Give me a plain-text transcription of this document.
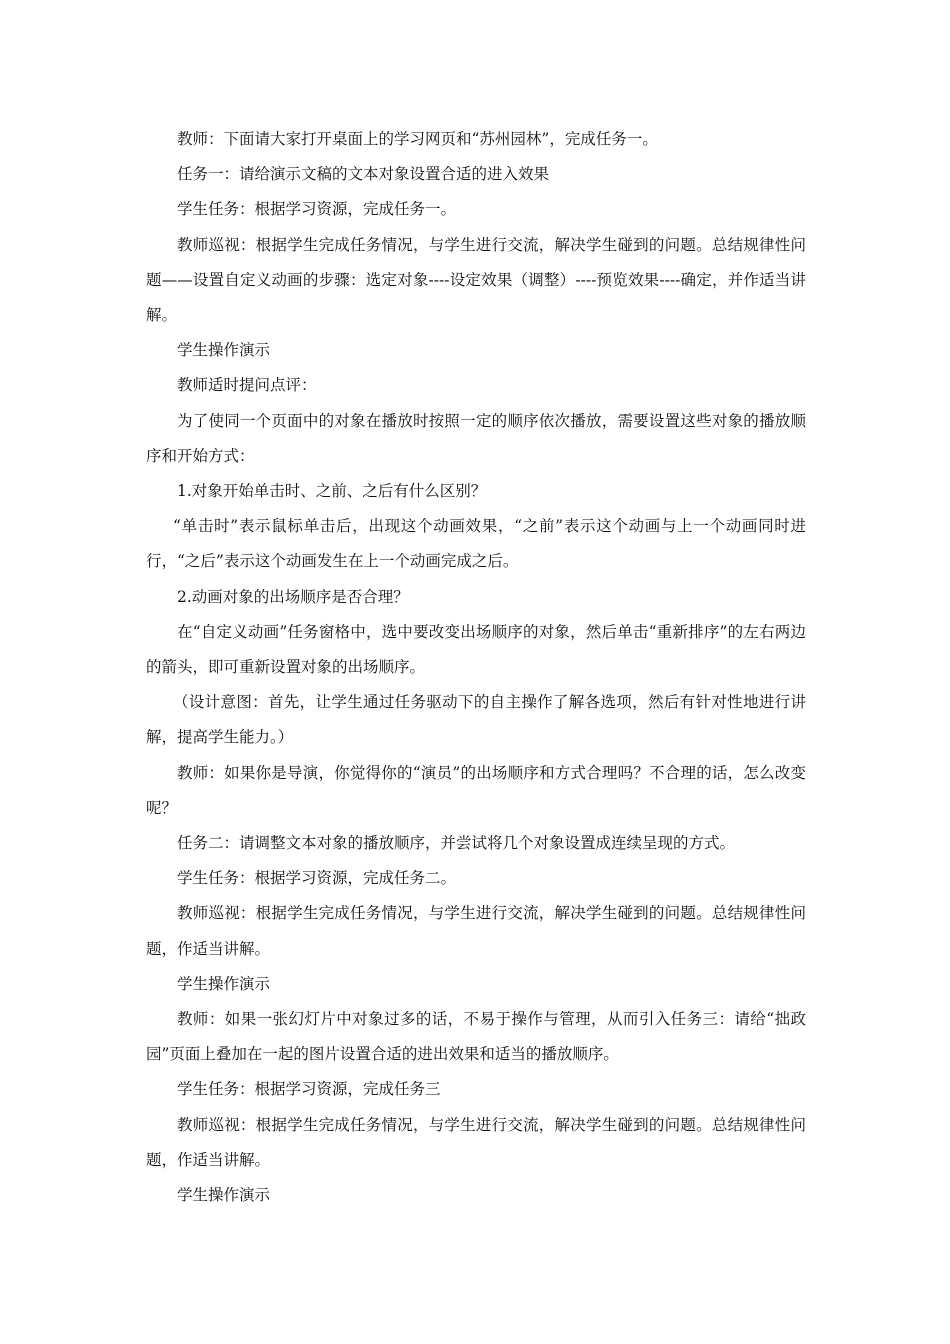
教师：下面请大家打开桌面上的学习网页和“苏州园林”，完成任务一。

任务一：请给演示文稿的文本对象设置合适的进入效果

学生任务：根据学习资源，完成任务一。

教师巡视：根据学生完成任务情况，与学生进行交流，解决学生碰到的问题。总结规律性问题——设置自定义动画的步骤：选定对象----设定效果（调整）----预览效果----确定，并作适当讲解。

学生操作演示

教师适时提问点评：

为了使同一个页面中的对象在播放时按照一定的顺序依次播放，需要设置这些对象的播放顺序和开始方式：

1.对象开始单击时、之前、之后有什么区别？

“单击时”表示鼠标单击后，出现这个动画效果，“之前”表示这个动画与上一个动画同时进行，“之后”表示这个动画发生在上一个动画完成之后。

2.动画对象的出场顺序是否合理？

在“自定义动画”任务窗格中，选中要改变出场顺序的对象，然后单击“重新排序”的左右两边的箭头，即可重新设置对象的出场顺序。

（设计意图：首先，让学生通过任务驱动下的自主操作了解各选项，然后有针对性地进行讲解，提高学生能力。）

教师：如果你是导演，你觉得你的“演员”的出场顺序和方式合理吗？不合理的话，怎么改变呢？

任务二：请调整文本对象的播放顺序，并尝试将几个对象设置成连续呈现的方式。

学生任务：根据学习资源，完成任务二。

教师巡视：根据学生完成任务情况，与学生进行交流，解决学生碰到的问题。总结规律性问题，作适当讲解。

学生操作演示

教师：如果一张幻灯片中对象过多的话，不易于操作与管理，从而引入任务三：请给“拙政园”页面上叠加在一起的图片设置合适的进出效果和适当的播放顺序。

学生任务：根据学习资源，完成任务三

教师巡视：根据学生完成任务情况，与学生进行交流，解决学生碰到的问题。总结规律性问题，作适当讲解。

学生操作演示
